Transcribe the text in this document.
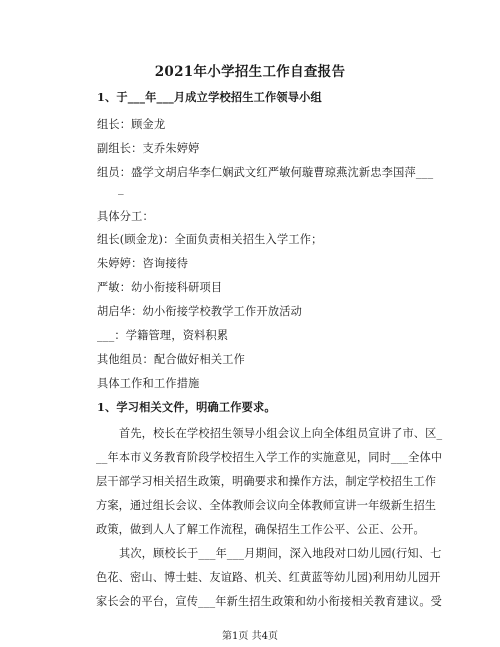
2021年小学招生工作自查报告
1、于___年___月成立学校招生工作领导小组
组长：顾金龙
副组长：支乔朱婷婷
组员：盛学文胡启华李仁娴武文红严敏何璇曹琼燕沈新忠李国萍___
_
具体分工：
组长(顾金龙)：全面负责相关招生入学工作；
朱婷婷：咨询接待
严敏：幼小衔接科研项目
胡启华：幼小衔接学校教学工作开放活动
___：学籍管理，资料积累
其他组员：配合做好相关工作
具体工作和工作措施
1、学习相关文件，明确工作要求。
首先，校长在学校招生领导小组会议上向全体组员宣讲了市、区_
__年本市义务教育阶段学校招生入学工作的实施意见，同时___全体中
层干部学习相关招生政策，明确要求和操作方法，制定学校招生工作
方案，通过组长会议、全体教师会议向全体教师宣讲一年级新生招生
政策，做到人人了解工作流程，确保招生工作公平、公正、公开。
其次，顾校长于___年___月期间，深入地段对口幼儿园(行知、七
色花、密山、博士蛙、友谊路、机关、红黄蓝等幼儿园)利用幼儿园开
家长会的平台，宣传___年新生招生政策和幼小衔接相关教育建议。受
第1页 共4页
